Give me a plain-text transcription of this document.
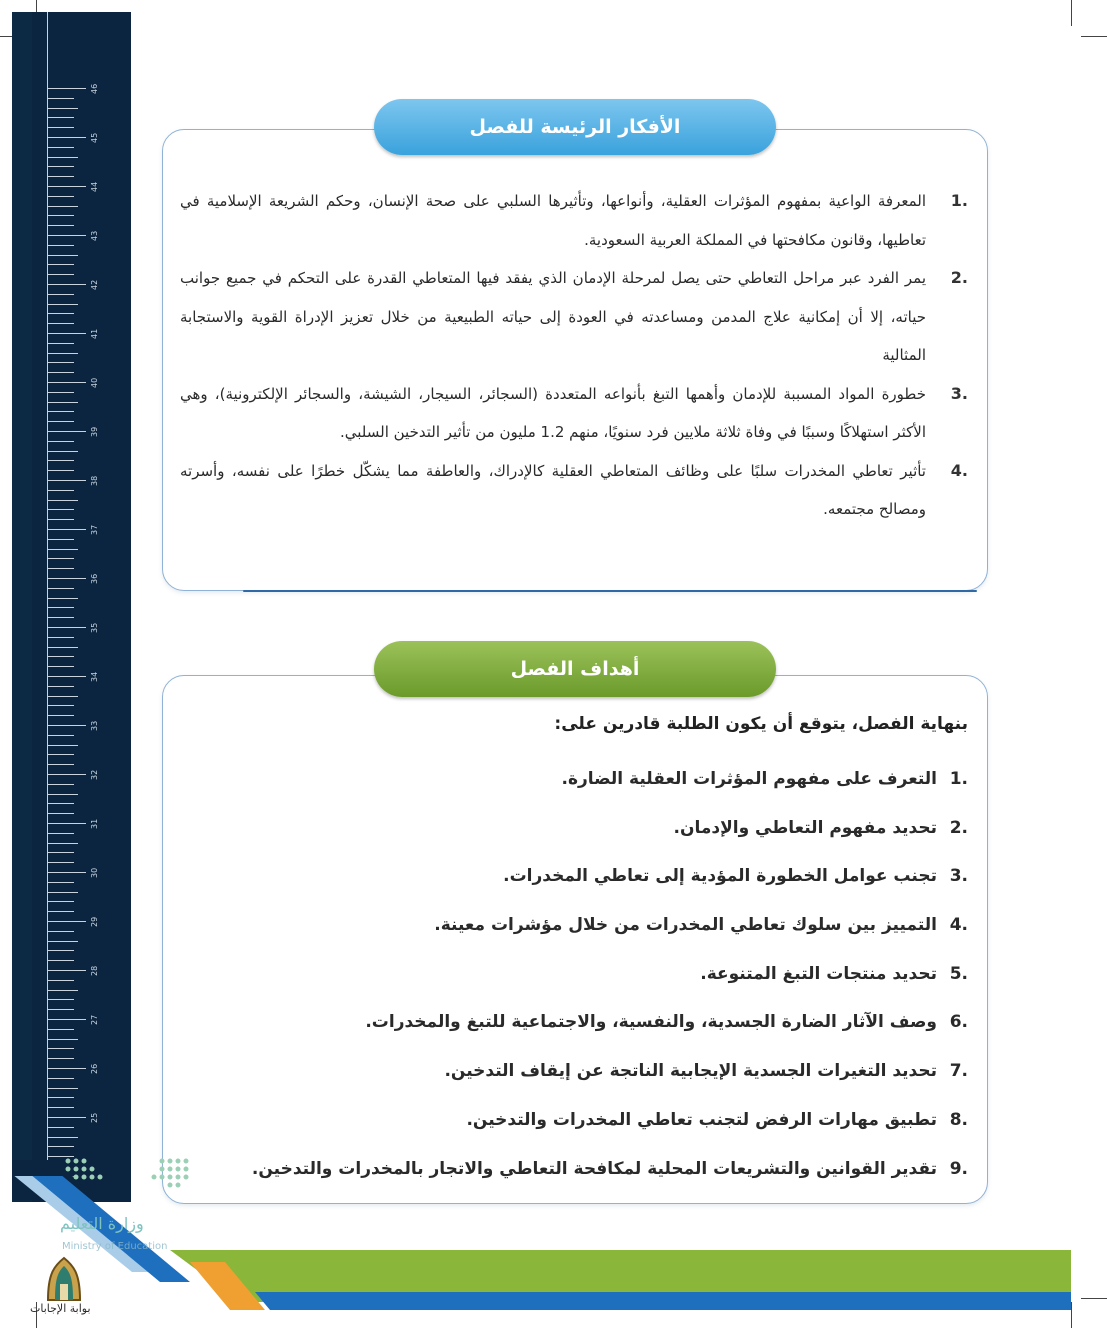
46
45
44
43
42
41
40
39
38
37
36
35
34
33
32
31
30
29
28
27
26
25
الأفكار الرئيسة للفصل
.1
المعرفة الواعية بمفهوم المؤثرات العقلية، وأنواعها، وتأثيرها السلبي على صحة الإنسان، وحكم الشريعة الإسلامية في تعاطيها، وقانون مكافحتها في المملكة العربية السعودية.
.2
يمر الفرد عبر مراحل التعاطي حتى يصل لمرحلة الإدمان الذي يفقد فيها المتعاطي القدرة على التحكم في جميع جوانب حياته، إلا أن إمكانية علاج المدمن ومساعدته في العودة إلى حياته الطبيعية من خلال تعزيز الإدراة القوية والاستجابة المثالية
.3
خطورة المواد المسببة للإدمان وأهمها التبغ بأنواعه المتعددة (السجائر، السيجار، الشيشة، والسجائر الإلكترونية)، وهي الأكثر استهلاكًا وسببًا في وفاة ثلاثة ملايين فرد سنويًا، منهم 1.2 مليون من تأثير التدخين السلبي.
.4
تأثير تعاطي المخدرات سلبًا على وظائف المتعاطي العقلية كالإدراك، والعاطفة مما يشكّل خطرًا على نفسه، وأسرته ومصالح مجتمعه.
أهداف الفصل
بنهاية الفصل، يتوقع أن يكون الطلبة قادرين على:
.1
التعرف على مفهوم المؤثرات العقلية الضارة.
.2
تحديد مفهوم التعاطي والإدمان.
.3
تجنب عوامل الخطورة المؤدية إلى تعاطي المخدرات.
.4
التمييز بين سلوك تعاطي المخدرات من خلال مؤشرات معينة.
.5
تحديد منتجات التبغ المتنوعة.
.6
وصف الآثار الضارة الجسدية، والنفسية، والاجتماعية للتبغ والمخدرات.
.7
تحديد التغيرات الجسدية الإيجابية الناتجة عن إيقاف التدخين.
.8
تطبيق مهارات الرفض لتجنب تعاطي المخدرات والتدخين.
.9
تقدير القوانين والتشريعات المحلية لمكافحة التعاطي والاتجار بالمخدرات والتدخين.
وزارة التعليم
Ministry of Education
بوابة الإجابات
